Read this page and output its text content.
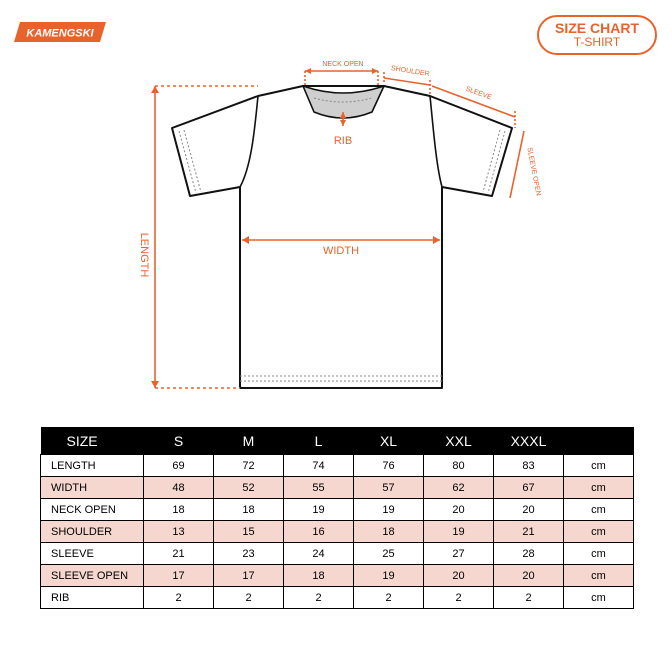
KAMENGSKI	SIZE CHART
T-SHIRT
NECK OPEN
SHOULDER
SLEEVE
SLEEVE OPEN
RIB
WIDTH
LENGTH
SIZE	S	M	L	XL	XXL	XXXL	
LENGTH	69	72	74	76	80	83	cm
WIDTH	48	52	55	57	62	67	cm
NECK OPEN	18	18	19	19	20	20	cm
SHOULDER	13	15	16	18	19	21	cm
SLEEVE	21	23	24	25	27	28	cm
SLEEVE OPEN	17	17	18	19	20	20	cm
RIB	2	2	2	2	2	2	cm
